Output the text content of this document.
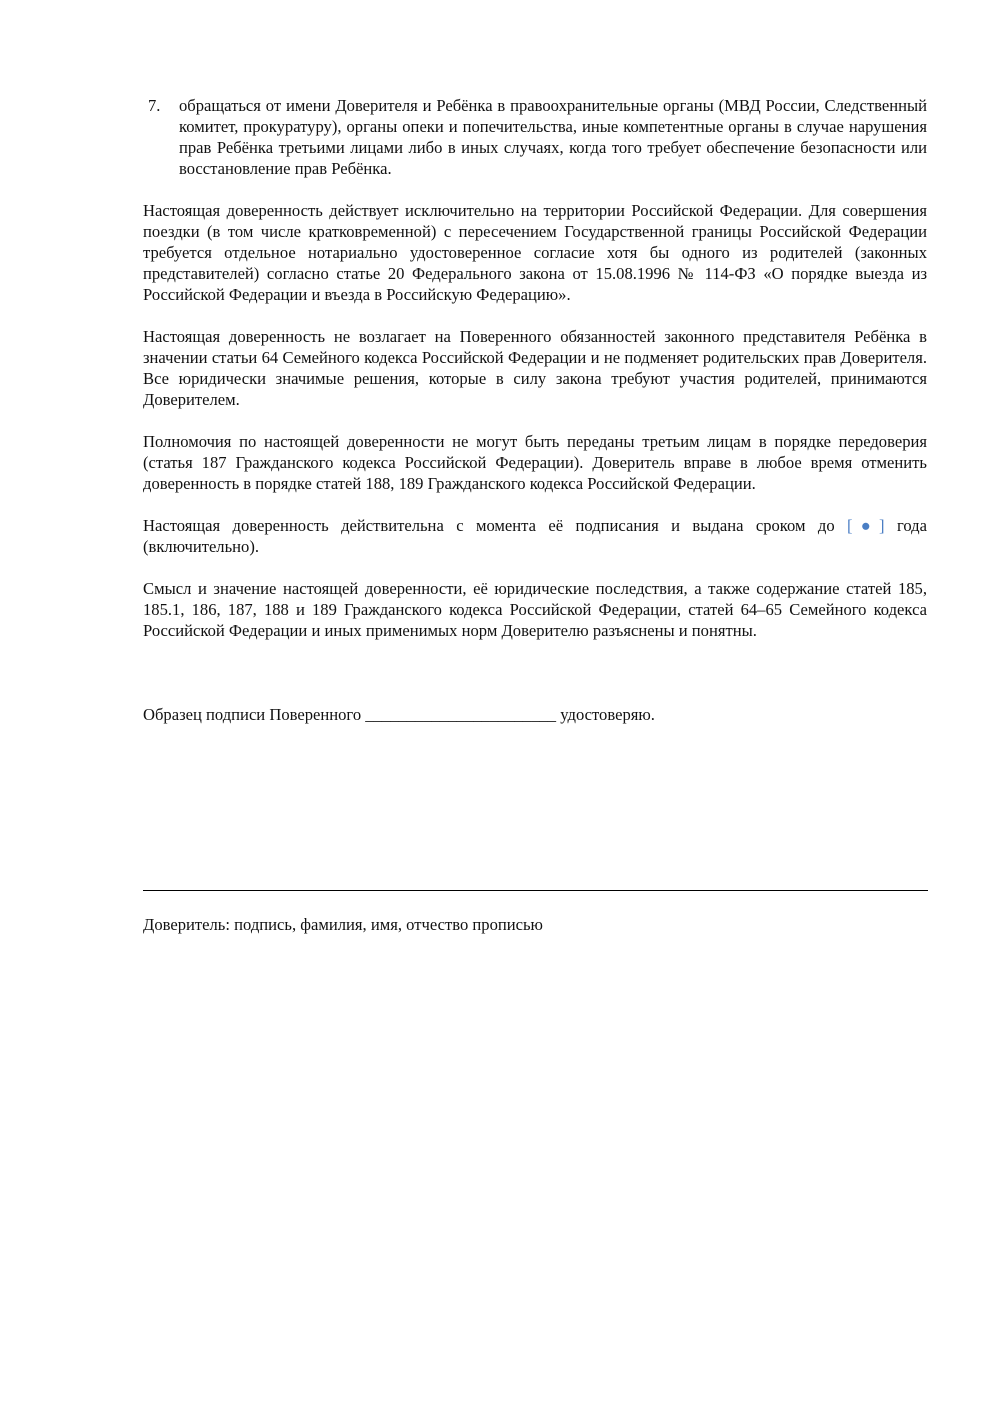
7.	обращаться от имени Доверителя и Ребёнка в правоохранительные органы (МВД России, Следственный комитет, прокуратуру), органы опеки и попечительства, иные компетентные органы в случае нарушения прав Ребёнка третьими лицами либо в иных случаях, когда того требует обеспечение безопасности или восстановление прав Ребёнка.

Настоящая доверенность действует исключительно на территории Российской Федерации. Для совершения поездки (в том числе кратковременной) с пересечением Государственной границы Российской Федерации требуется отдельное нотариально удостоверенное согласие хотя бы одного из родителей (законных представителей) согласно статье 20 Федерального закона от 15.08.1996 № 114-ФЗ «О порядке выезда из Российской Федерации и въезда в Российскую Федерацию».

Настоящая доверенность не возлагает на Поверенного обязанностей законного представителя Ребёнка в значении статьи 64 Семейного кодекса Российской Федерации и не подменяет родительских прав Доверителя. Все юридически значимые решения, которые в силу закона требуют участия родителей, принимаются Доверителем.

Полномочия по настоящей доверенности не могут быть переданы третьим лицам в порядке передоверия (статья 187 Гражданского кодекса Российской Федерации). Доверитель вправе в любое время отменить доверенность в порядке статей 188, 189 Гражданского кодекса Российской Федерации.

Настоящая доверенность действительна с момента её подписания и выдана сроком до [●] года (включительно).

Смысл и значение настоящей доверенности, её юридические последствия, а также содержание статей 185, 185.1, 186, 187, 188 и 189 Гражданского кодекса Российской Федерации, статей 64–65 Семейного кодекса Российской Федерации и иных применимых норм Доверителю разъяснены и понятны.

Образец подписи Поверенного _______________________ удостоверяю.

Доверитель: подпись, фамилия, имя, отчество прописью
